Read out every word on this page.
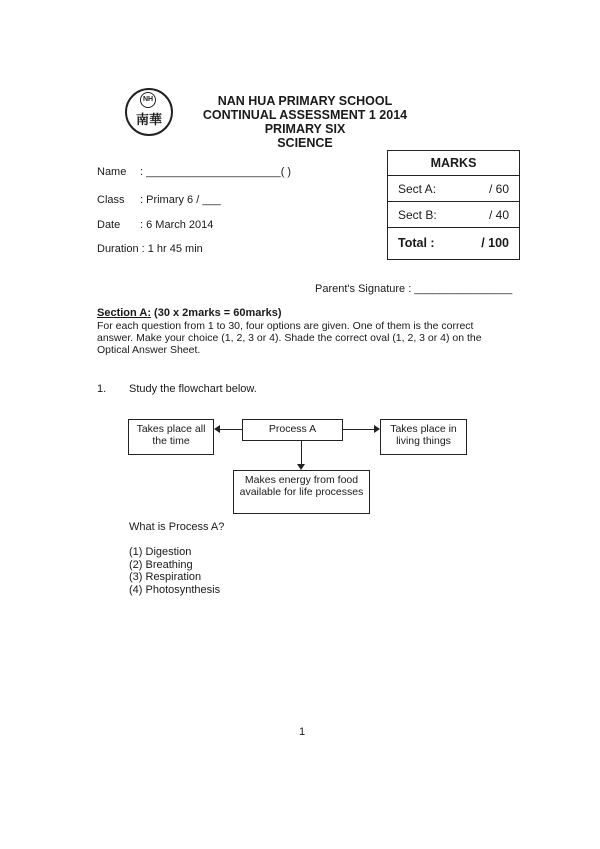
NH
南華
NAN HUA PRIMARY SCHOOL
CONTINUAL ASSESSMENT 1 2014
PRIMARY SIX
SCIENCE
Name : ______________________( )
Class : Primary 6 / ___
Date : 6 March 2014
Duration : 1 hr 45 min
MARKS
Sect A:	/ 60
Sect B:	/ 40
Total :	/ 100
Parent's Signature : ________________
Section A: (30 x 2marks = 60marks)
For each question from 1 to 30, four options are given. One of them is the correct answer. Make your choice (1, 2, 3 or 4). Shade the correct oval (1, 2, 3 or 4) on the Optical Answer Sheet.
1. Study the flowchart below.
Takes place all the time
Process A	Takes place in living things
Makes energy from food available for life processes
What is Process A?
(1) Digestion
(2) Breathing
(3) Respiration
(4) Photosynthesis
1
